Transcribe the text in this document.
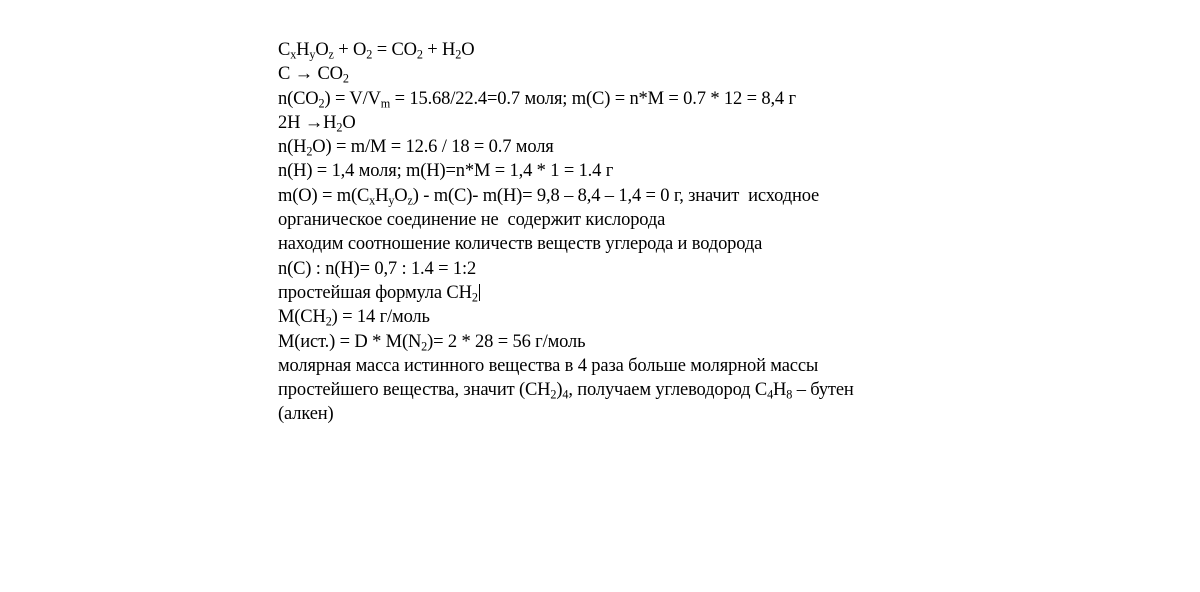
$C_xH_yO_z + O_2 = CO_2 + H_2O$
$C \to CO_2$
$n(CO_2) = V/V_m = 15.68/22.4=0.7$ моля; m(C) = n*M = 0.7 * 12 = 8,4 г
$2H \to H_2O$
$n(H_2O) = m/M = 12.6 / 18 = 0.7$ моля
n(H) = 1,4 моля; m(H)=n*M = 1,4 * 1 = 1.4 г
$m(O) = m(C_xH_yO_z) - m(C)-$ m(H)= 9,8 – 8,4 – 1,4 = 0 г, значит  исходное
органическое соединение не  содержит кислорода
находим соотношение количеств веществ углерода и водорода
n(C) : n(H)= 0,7 : 1.4 = 1:2
простейшая формула $CH_2$
$M(CH_2) = 14$ г/моль
$M(ист.) = D * M(N_2)= 2 * 28 = 56$ г/моль
молярная масса истинного вещества в 4 раза больше молярной массы
простейшего вещества, значит $(CH_2)_4$, получаем углеводород $C_4H_8$ – бутен
(алкен)
